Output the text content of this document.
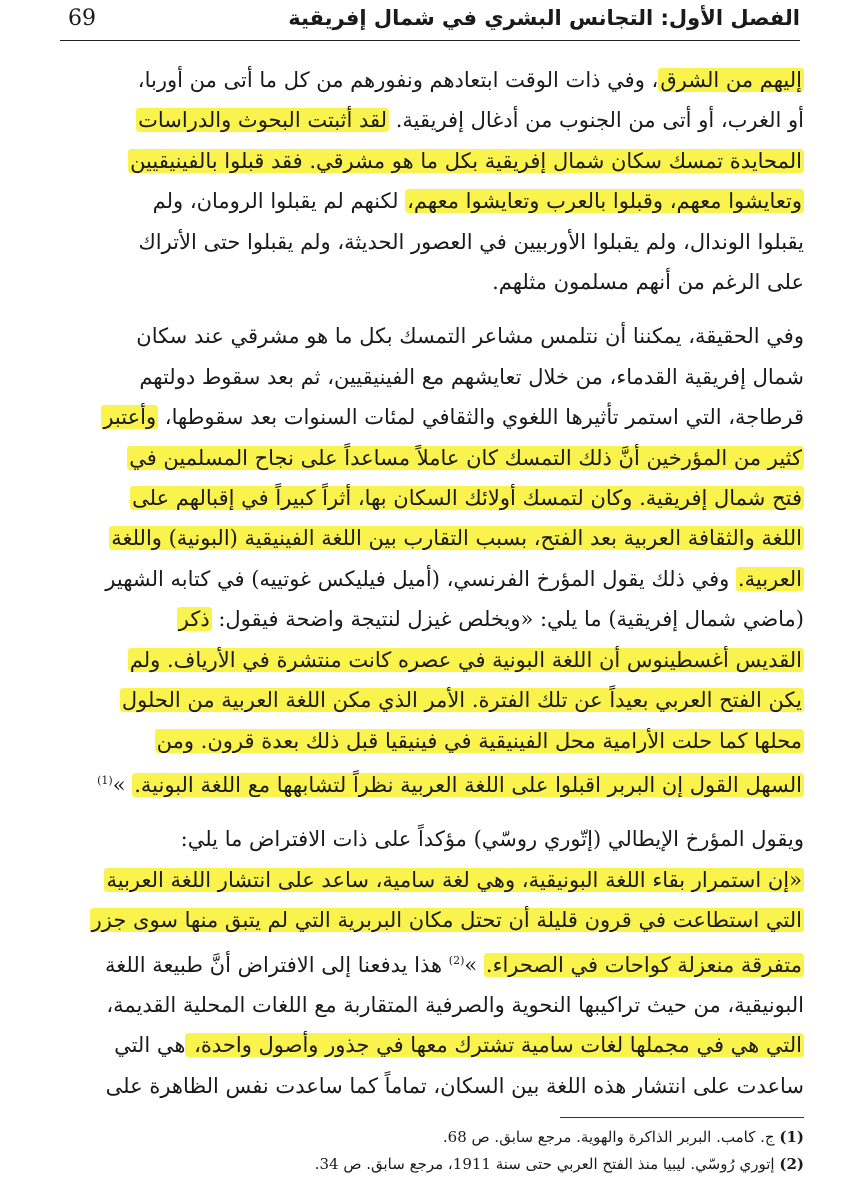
69	الفصل الأول: التجانس البشري في شمال إفريقية
إليهم من الشرق، وفي ذات الوقت ابتعادهم ونفورهم من كل ما أتى من أوربا،
أو الغرب، أو أتى من الجنوب من أدغال إفريقية. لقد أثبتت البحوث والدراسات
المحايدة تمسك سكان شمال إفريقية بكل ما هو مشرقي. فقد قبلوا بالفينيقيين
وتعايشوا معهم، وقبلوا بالعرب وتعايشوا معهم، لكنهم لم يقبلوا الرومان، ولم
يقبلوا الوندال، ولم يقبلوا الأوربيين في العصور الحديثة، ولم يقبلوا حتى الأتراك
على الرغم من أنهم مسلمون مثلهم.
وفي الحقيقة، يمكننا أن نتلمس مشاعر التمسك بكل ما هو مشرقي عند سكان
شمال إفريقية القدماء، من خلال تعايشهم مع الفينيقيين، ثم بعد سقوط دولتهم
قرطاجة، التي استمر تأثيرها اللغوي والثقافي لمئات السنوات بعد سقوطها، وأعتبر
كثير من المؤرخين أنَّ ذلك التمسك كان عاملاً مساعداً على نجاح المسلمين في
فتح شمال إفريقية. وكان لتمسك أولائك السكان بها، أثراً كبيراً في إقبالهم على
اللغة والثقافة العربية بعد الفتح، بسبب التقارب بين اللغة الفينيقية (البونية) واللغة
العربية. وفي ذلك يقول المؤرخ الفرنسي، (أميل فيليكس غوتييه) في كتابه الشهير
(ماضي شمال إفريقية) ما يلي: «ويخلص غيزل لنتيجة واضحة فيقول: ذكر
القديس أغسطينوس أن اللغة البونية في عصره كانت منتشرة في الأرياف. ولم
يكن الفتح العربي بعيداً عن تلك الفترة. الأمر الذي مكن اللغة العربية من الحلول
محلها كما حلت الأرامية محل الفينيقية في فينيقيا قبل ذلك بعدة قرون. ومن
السهل القول إن البربر اقبلوا على اللغة العربية نظراً لتشابهها مع اللغة البونية. »$^{(1)}$
ويقول المؤرخ الإيطالي (إتّوري روسّي) مؤكداً على ذات الافتراض ما يلي:
«إن استمرار بقاء اللغة البونيقية، وهي لغة سامية، ساعد على انتشار اللغة العربية
التي استطاعت في قرون قليلة أن تحتل مكان البربرية التي لم يتبق منها سوى جزر
متفرقة منعزلة كواحات في الصحراء. »$^{(2)}$ هذا يدفعنا إلى الافتراض أنَّ طبيعة اللغة
البونيقية، من حيث تراكيبها النحوية والصرفية المتقاربة مع اللغات المحلية القديمة،
التي هي في مجملها لغات سامية تشترك معها في جذور وأصول واحدة، هي التي
ساعدت على انتشار هذه اللغة بين السكان، تماماً كما ساعدت نفس الظاهرة على
(1) ج. كامب. البربر الذاكرة والهوية. مرجع سابق. ص 68.
(2) إتوري رُوسّي. ليبيا منذ الفتح العربي حتى سنة 1911، مرجع سابق. ص 34.
